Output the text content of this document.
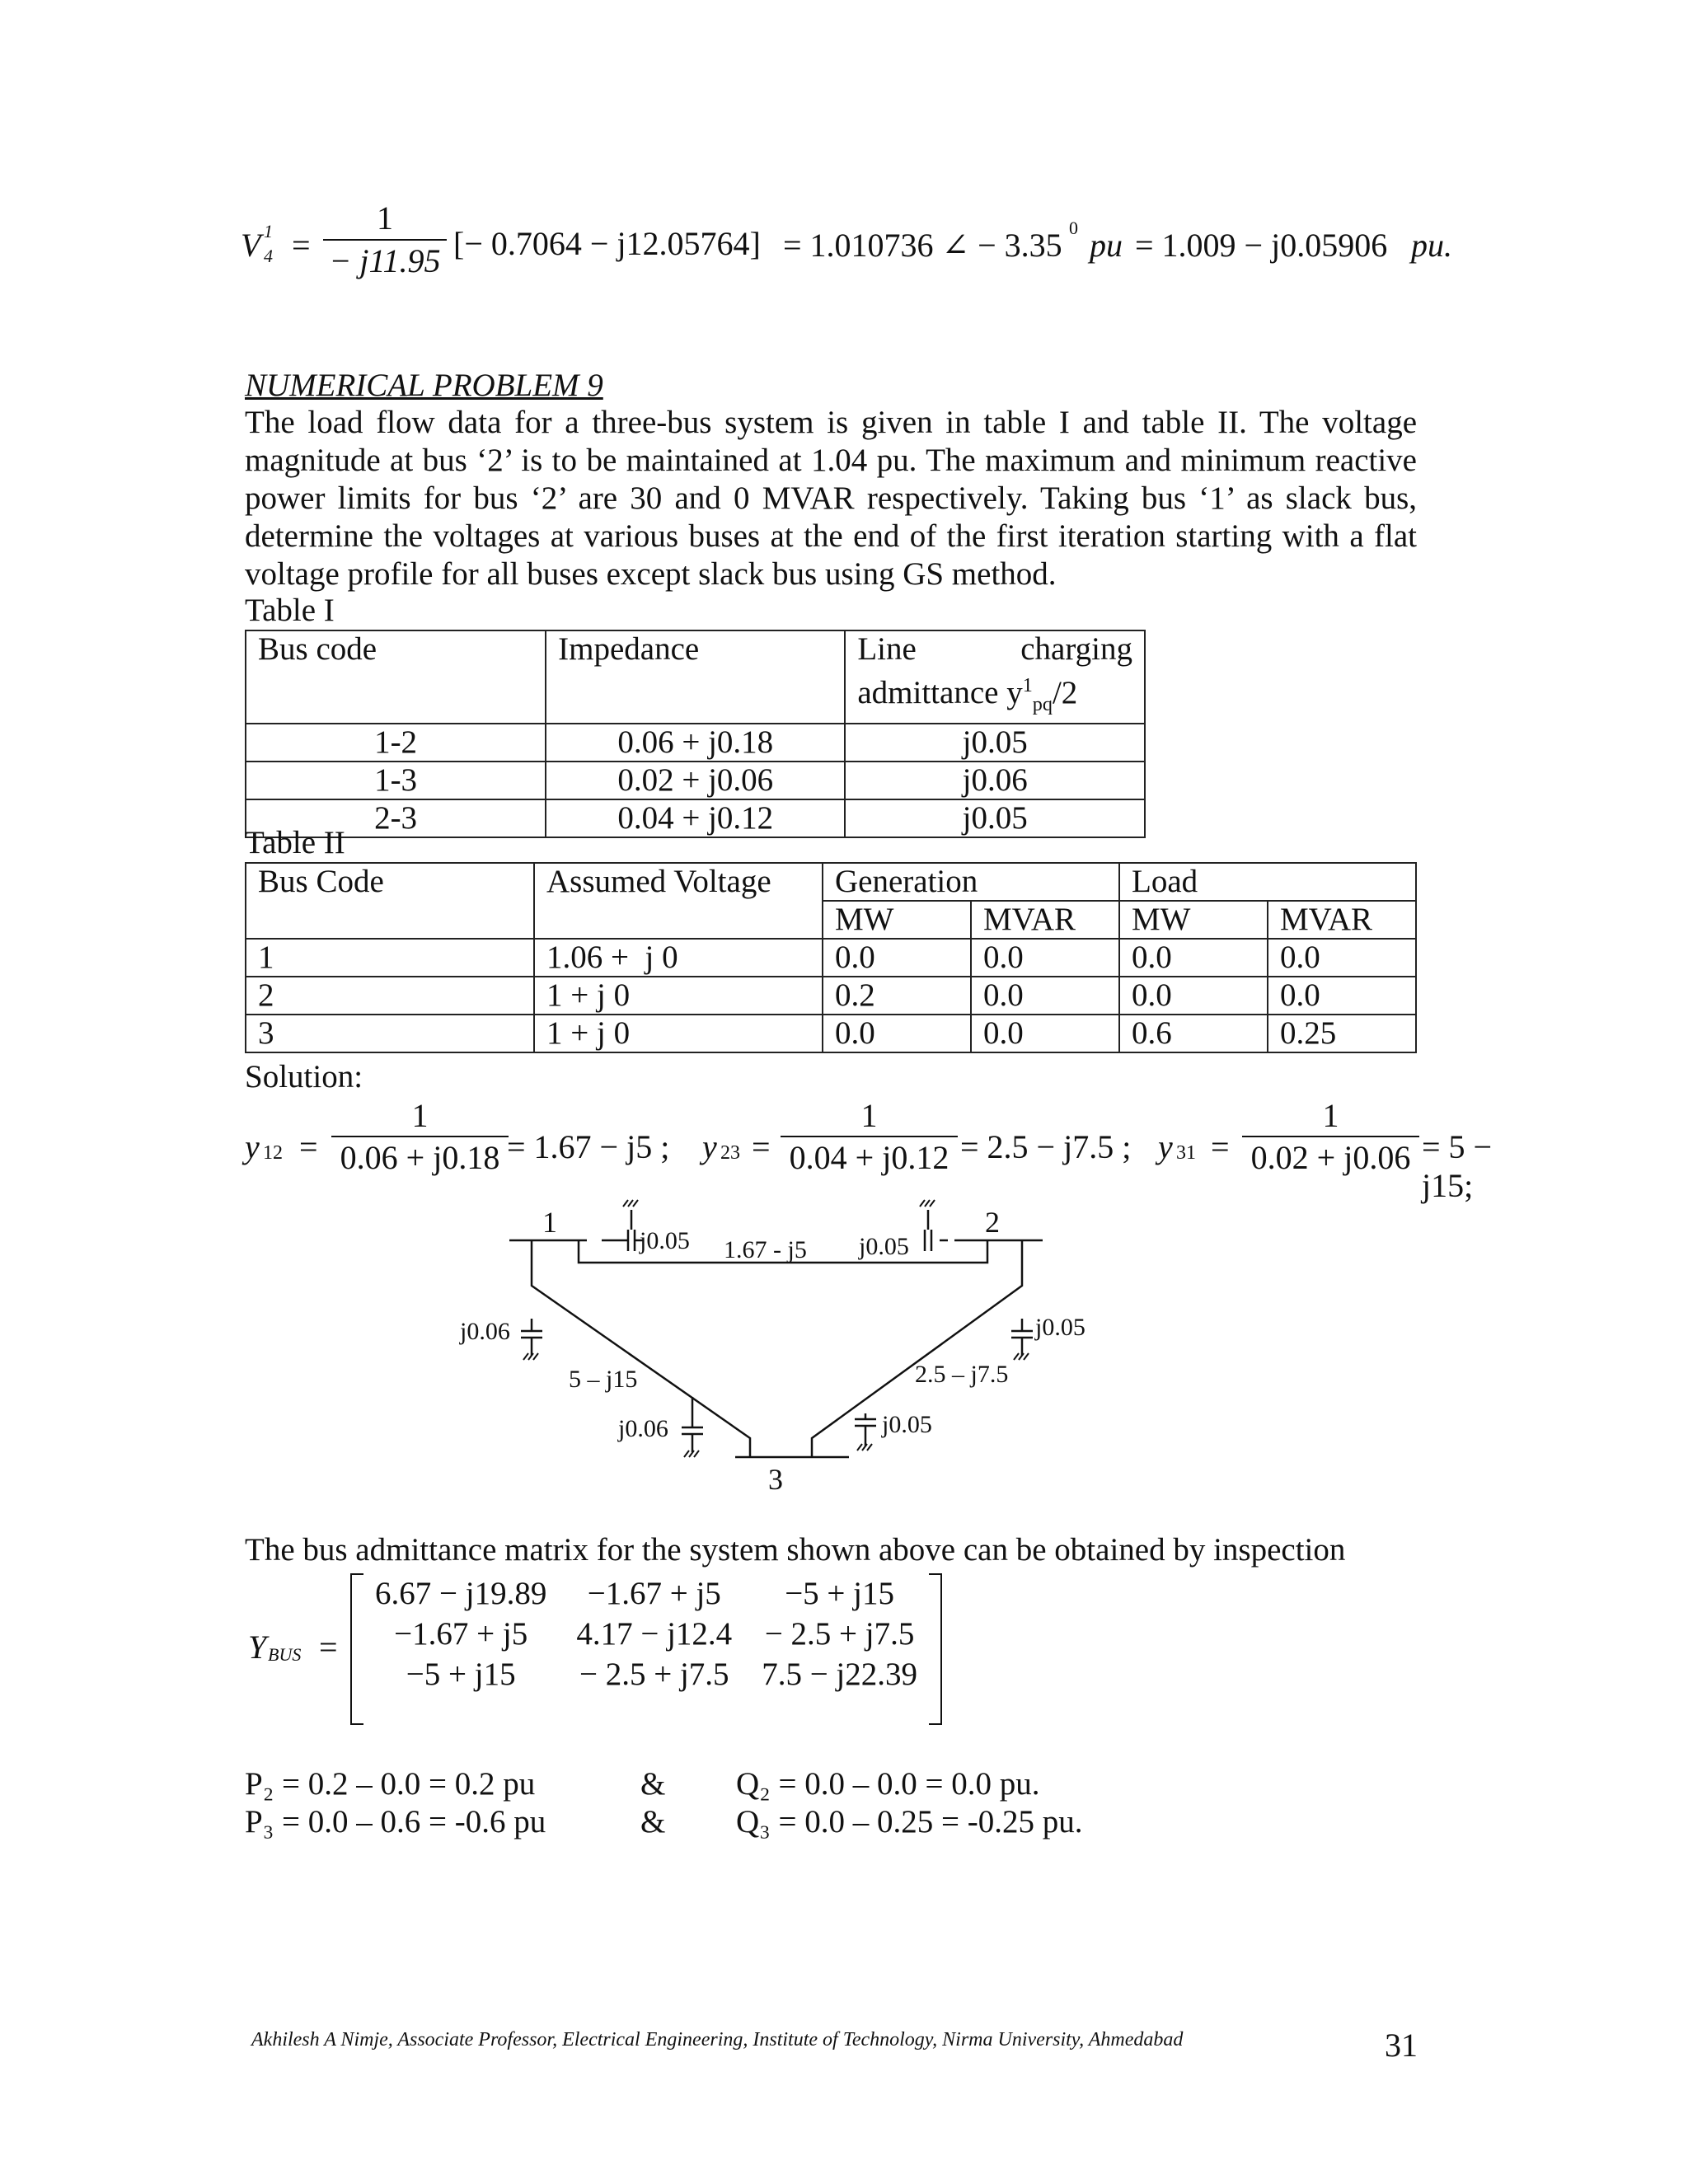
V 1
4 =
1
− j11.95 [− 0.7064 − j12.05764] = 1.010736 ∠ − 3.35 0 pu = 1.009 − j0.05906 pu.
NUMERICAL PROBLEM 9

The load flow data for a three-bus system is given in table I and table II. The voltage magnitude at bus ‘2’ is to be maintained at 1.04 pu. The maximum and minimum reactive power limits for bus ‘2’ are 30 and 0 MVAR respectively. Taking bus ‘1’ as slack bus, determine the voltages at various buses at the end of the first iteration starting with a flat voltage profile for all buses except slack bus using GS method.

Table I
Bus code	Impedance	Line charging
admittance $y^1_{pq}/2$

1-2	0.06 + j0.18	j0.05
1-3	0.02 + j0.06	j0.06
2-3	0.04 + j0.12	j0.05
Table II
Bus Code	Assumed Voltage	Generation		Load	
		MW	MVAR	MW	MVAR
1	1.06 +  j 0	0.0	0.0	0.0	0.0
2	1 + j 0	0.2	0.0	0.0	0.0
3	1 + j 0	0.0	0.0	0.6	0.25
Solution:
y 12 =
1
0.06 + j0.18 = 1.67 − j5 ; y 23 =
1
0.04 + j0.12 = 2.5 − j7.5 ; y 31 =
1
0.02 + j0.06 = 5 − j15;
1	2
3
j0.05	j0.05
1.67 - j5
j0.06	j0.05
5 – j15	2.5 – j7.5
j0.06	j0.05
The bus admittance matrix for the system shown above can be obtained by inspection
Y BUS =
6.67 − j19.89	−1.67 + j5	−5 + j15
−1.67 + j5	4.17 − j12.4	− 2.5 + j7.5
−5 + j15	− 2.5 + j7.5	7.5 − j22.39
P₂ = 0.2 – 0.0 = 0.2 pu	& Q₂ = 0.0 – 0.0 = 0.0 pu.
P₃ = 0.0 – 0.6 = -0.6 pu	& Q₃ = 0.0 – 0.25 = -0.25 pu.
Akhilesh A Nimje, Associate Professor, Electrical Engineering, Institute of Technology, Nirma University, Ahmedabad	31
